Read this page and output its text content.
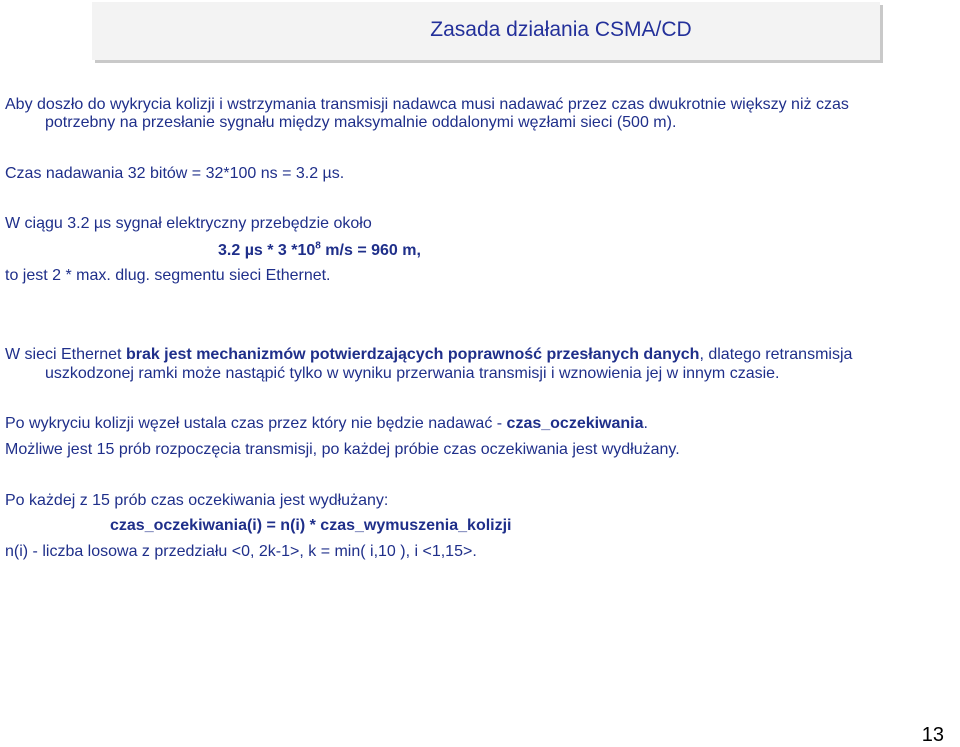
Zasada działania CSMA/CD
Aby doszło do wykrycia kolizji i wstrzymania transmisji nadawca musi nadawać przez czas dwukrotnie większy niż czas
potrzebny na przesłanie sygnału między maksymalnie oddalonymi węzłami sieci (500 m).
Czas nadawania 32 bitów = 32*100 ns = 3.2 µs.
W ciągu 3.2 µs sygnał elektryczny przebędzie około
3.2 µs * 3 $*10^8$ m/s = 960 m,
to jest 2 * max. dlug. segmentu sieci Ethernet.
W sieci Ethernet brak jest mechanizmów potwierdzających poprawność przesłanych danych, dlatego retransmisja
uszkodzonej ramki może nastąpić tylko w wyniku przerwania transmisji i wznowienia jej w innym czasie.
Po wykryciu kolizji węzeł ustala czas przez który nie będzie nadawać - czas_oczekiwania.
Możliwe jest 15 prób rozpoczęcia transmisji, po każdej próbie czas oczekiwania jest wydłużany.
Po każdej z 15 prób czas oczekiwania jest wydłużany:
czas_oczekiwania(i) = n(i) * czas_wymuszenia_kolizji
n(i) - liczba losowa z przedziału <0, 2k-1>, k = min( i,10 ), i <1,15>.
13
